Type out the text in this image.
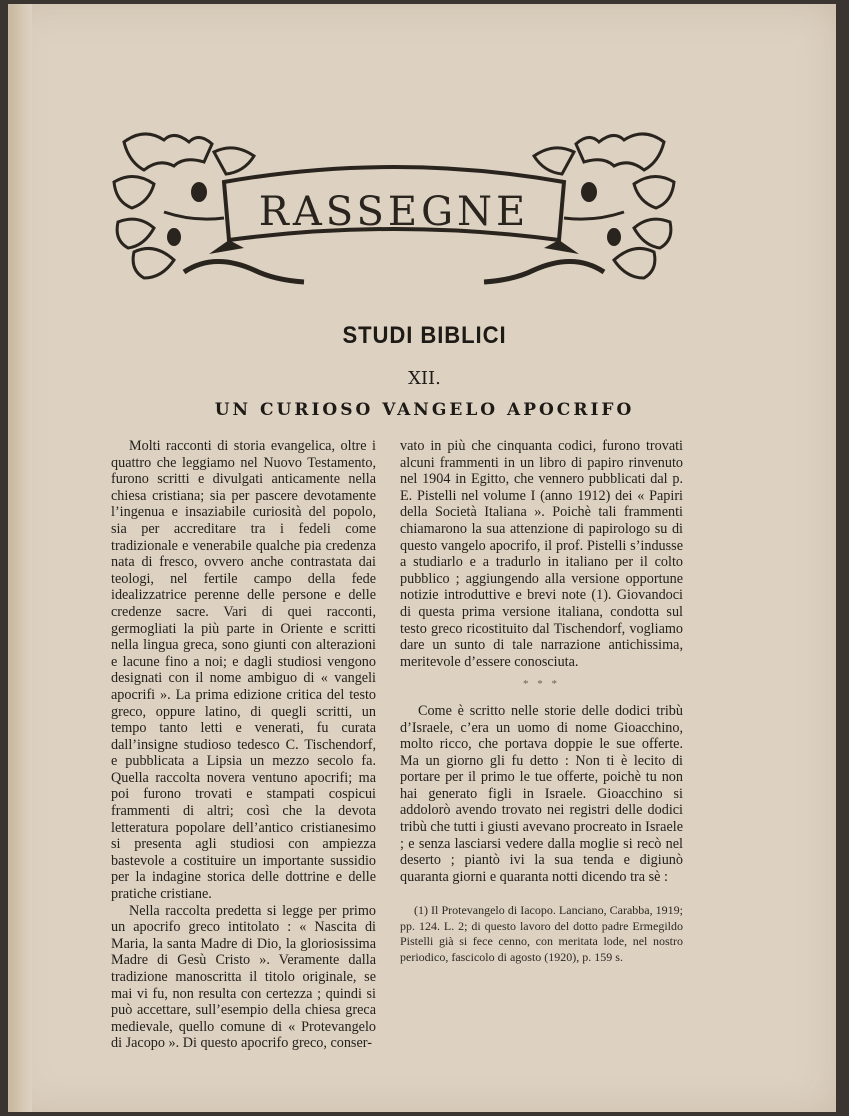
RASSEGNE
STUDI BIBLICI
XII.
UN CURIOSO VANGELO APOCRIFO

Molti racconti di storia evangelica, oltre i quattro che leggiamo nel Nuovo Testamento, furono scritti e divulgati anticamente nella chiesa cristiana; sia per pascere devotamente l’ingenua e insaziabile curiosità del popolo, sia per accreditare tra i fedeli come tradizionale e venerabile qualche pia credenza nata di fresco, ovvero anche contrastata dai teologi, nel fertile campo della fede idealizzatrice perenne delle persone e delle credenze sacre. Vari di quei racconti, germogliati la più parte in Oriente e scritti nella lingua greca, sono giunti con alterazioni e lacune fino a noi; e dagli studiosi vengono designati con il nome ambiguo di « vangeli apocrifi ». La prima edizione critica del testo greco, oppure latino, di quegli scritti, un tempo tanto letti e venerati, fu curata dall’insigne studioso tedesco C. Tischendorf, e pubblicata a Lipsia un mezzo secolo fa. Quella raccolta novera ventuno apocrifi; ma poi furono trovati e stampati cospicui frammenti di altri; così che la devota letteratura popolare dell’antico cristianesimo si presenta agli studiosi con ampiezza bastevole a costituire un importante sussidio per la indagine storica delle dottrine e delle pratiche cristiane.

Nella raccolta predetta si legge per primo un apocrifo greco intitolato : « Nascita di Maria, la santa Madre di Dio, la gloriosissima Madre di Gesù Cristo ». Veramente dalla tradizione manoscritta il titolo originale, se mai vi fu, non resulta con certezza ; quindi si può accettare, sull’esempio della chiesa greca medievale, quello comune di « Protevangelo di Jacopo ». Di questo apocrifo greco, conser-

vato in più che cinquanta codici, furono trovati alcuni frammenti in un libro di papiro rinvenuto nel 1904 in Egitto, che vennero pubblicati dal p. E. Pistelli nel volume I (anno 1912) dei « Papiri della Società Italiana ». Poichè tali frammenti chiamarono la sua attenzione di papirologo su di questo vangelo apocrifo, il prof. Pistelli s’indusse a studiarlo e a tradurlo in italiano per il colto pubblico ; aggiungendo alla versione opportune notizie introduttive e brevi note (1). Giovandoci di questa prima versione italiana, condotta sul testo greco ricostituito dal Tischendorf, vogliamo dare un sunto di tale narrazione antichissima, meritevole d’essere conosciuta.

* * *

Come è scritto nelle storie delle dodici tribù d’Israele, c’era un uomo di nome Gioacchino, molto ricco, che portava doppie le sue offerte. Ma un giorno gli fu detto : Non ti è lecito di portare per il primo le tue offerte, poichè tu non hai generato figli in Israele. Gioacchino si addolorò avendo trovato nei registri delle dodici tribù che tutti i giusti avevano procreato in Israele ; e senza lasciarsi vedere dalla moglie si recò nel deserto ; piantò ivi la sua tenda e digiunò quaranta giorni e quaranta notti dicendo tra sè :

(1) Il Protevangelo di Iacopo. Lanciano, Carabba, 1919; pp. 124. L. 2; di questo lavoro del dotto padre Ermegildo Pistelli già si fece cenno, con meritata lode, nel nostro periodico, fascicolo di agosto (1920), p. 159 s.
